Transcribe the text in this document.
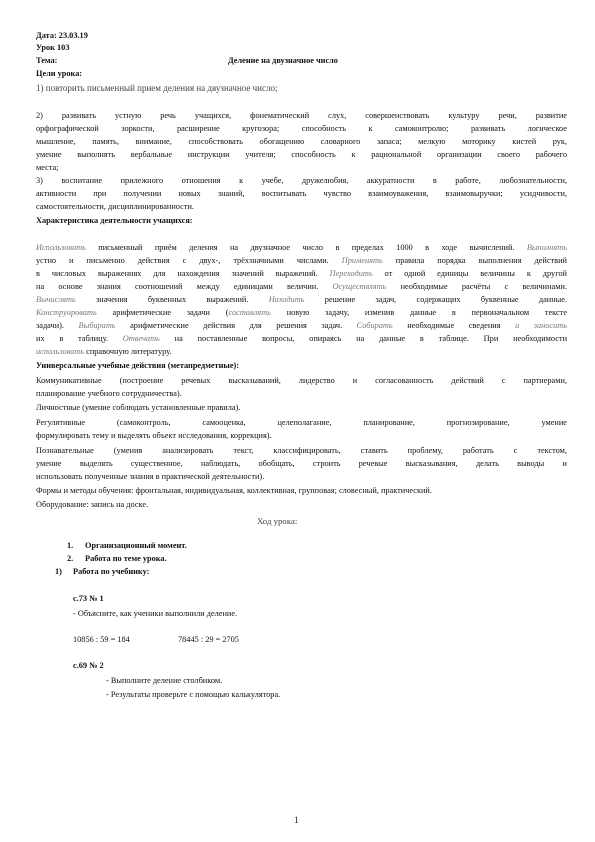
Дата: 23.03.19
Урок 103
Тема:	Деление на двузначное число
Цели урока:
1) повторить письменный прием деления на двузначное число;
2) развивать устную речь учащихся, фонематический слух, совершенствовать культуру речи, развитие
орфографической зоркости, расширение кругозора; способность к самоконтролю; развивать логическое
мышление, память, внимание, способствовать обогащению словарного запаса; мелкую моторику кистей рук,
умение выполнять вербальные инструкции учителя; способность к рациональной организации своего рабочего
места;
3) воспитание прилежного отношения к учебе, дружелюбия, аккуратности в работе, любознательности,
активности при получении новых знаний, воспитывать чувство взаимоуважения, взаимовыручки; усидчивости,
самостоятельности, дисциплинированности.
Характеристика деятельности учащихся:
Использовать письменный приём деления на двузначное число в пределах 1000 в ходе вычислений. Выполнять
устно и письменно действия с двух-, трёхзначными числами. Применять правила порядка выполнения действий
в числовых выражениях для нахождения значений выражений. Переходить от одной единицы величины к другой
на основе знания соотношений между единицами величин. Осуществлять необходимые расчёты с величинами.
Вычислять значения буквенных выражений. Находить решение задач, содержащих буквенные данные.
Конструировать арифметические задачи (составлять новую задачу, изменив данные в первоначальном тексте
задачи). Выбирать арифметические действия для решения задач. Собирать необходимые сведения и заносить
их в таблицу. Отвечать на поставленные вопросы, опираясь на данные в таблице. При необходимости
использовать справочную литературу.
Универсальные учебные действия (метапредметные):
Коммуникативные (построение речевых высказываний, лидерство и согласованность действий с партнерами,
планирование учебного сотрудничества).
Личностные (умение соблюдать установленные правила).
Регулятивные (самоконтроль, самооценка, целеполагание, планирование, прогнозирование, умение
формулировать тему и выделять объект исследования, коррекция).
Познавательные (умения анализировать текст, классифицировать, ставить проблему, работать с текстом,
умение выделять существенное, наблюдать, обобщать, строить речевые высказывания, делать выводы и
использовать полученные знания в практической деятельности).
Формы и методы обучения: фронтальная, индивидуальная, коллективная, групповая; словесный, практический.
Оборудование: запись на доске.
Ход урока:
1. Организационный момент.
2. Работа по теме урока.
1) Работа по учебнику:
с.73 № 1
- Объясните, как ученики выполнили деление.
10856 : 59 = 184	78445 : 29 = 2705
с.69 № 2
- Выполните деление столбиком.
- Результаты проверьте с помощью калькулятора.
1
